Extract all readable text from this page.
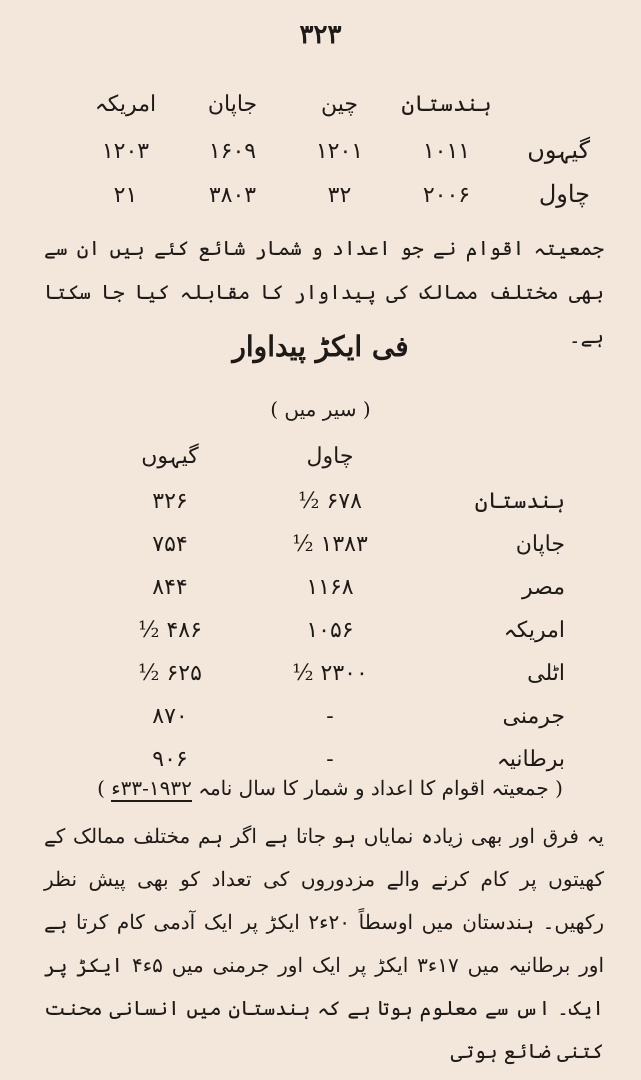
۳۲۳
ہندستان
چین
جاپان
امریکہ
گیہوں
۱۰۱۱
۱۲۰۱
۱۶۰۹
۱۲۰۳
چاول
۲۰۰۶
۳۲
۳۸۰۳
۲۱
جمعیتہ اقوام نے جو اعداد و شمار شائع کئے ہیں ان سے بھی مختلف ممالک کی پیداوار کا مقابلہ کیا جا سکتا ہے۔
فی ایکڑ پیداوار
( سیر میں )
چاول
گیہوں
ہندستان
۶۷۸ ½
۳۲۶
جاپان
۱۳۸۳ ½
۷۵۴
مصر
۱۱۶۸
۸۴۴
امریکہ
۱۰۵۶
۴۸۶ ½
اٹلی
۲۳۰۰ ½
۶۲۵ ½
جرمنی
-
۸۷۰
برطانیہ
-
۹۰۶
( جمعیتہ اقوام کا اعداد و شمار کا سال نامہ ۱۹۳۲-۳۳ء )
یہ فرق اور بھی زیادہ نمایاں ہو جاتا ہے اگر ہم مختلف ممالک کے کھیتوں پر کام کرنے والے مزدوروں کی تعداد کو بھی پیش نظر رکھیں۔ ہندستان میں اوسطاً ۲۰ء۲ ایکڑ پر ایک آدمی کام کرتا ہے اور برطانیہ میں ۱۷ء۳ ایکڑ پر ایک اور جرمنی میں ۵ء۴ ایکڑ پر ایک۔ اس سے معلوم ہوتا ہے کہ ہندستان میں انسانی محنت کتنی ضائع ہوتی
